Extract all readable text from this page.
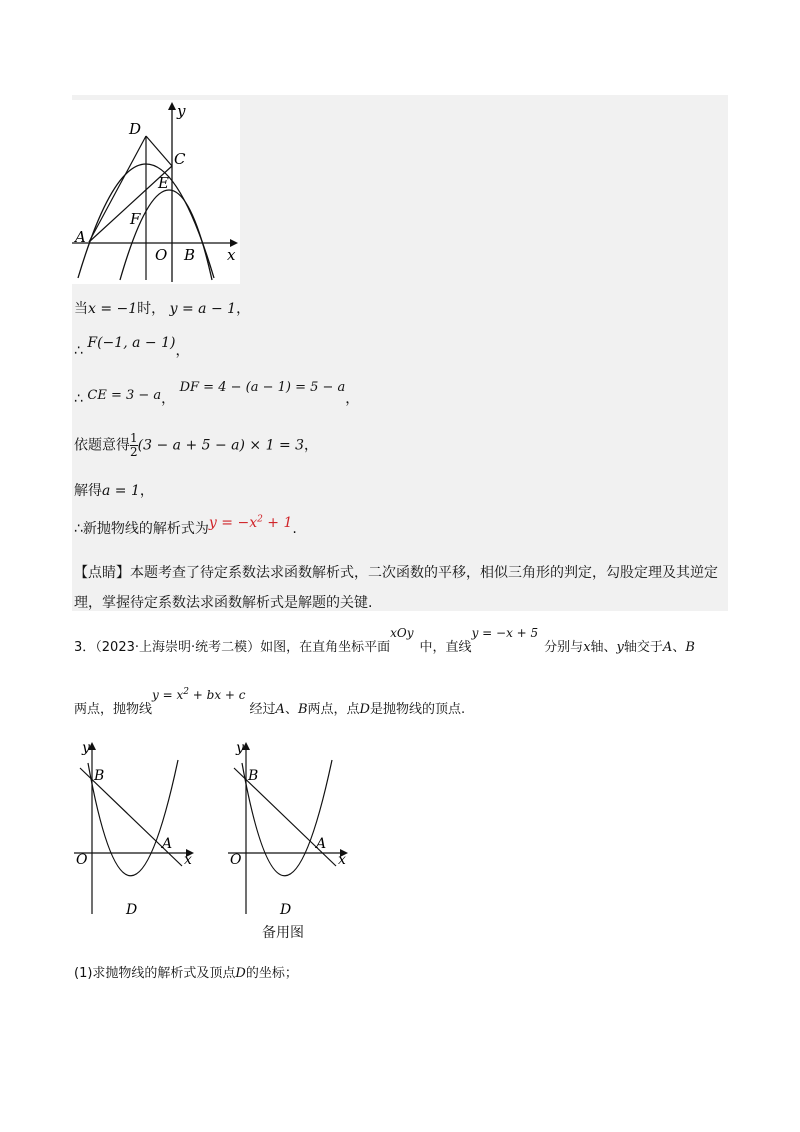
D
C
E
F
A
O B x
y
当x = −1时， y = a − 1，
∴ F(−1, a − 1)，
∴ CE = 3 − a， DF = 4 − (a − 1) = 5 − a，
依题意得 $\frac{1}{2} (3 - a + 5 - a) \times 1 = 3$，
解得a = 1，
∴新抛物线的解析式为$y = -x^2 + 1$.
【点睛】本题考查了待定系数法求函数解析式，二次函数的平移，相似三角形的判定，勾股定理及其逆定
理，掌握待定系数法求函数解析式是解题的关键.
3．（2023·上海崇明·统考二模）如图，在直角坐标平面xOy中，直线y = −x + 5分别与x轴、y轴交于A、B
两点，抛物线$y = x^2$ + bx + c经过A、B两点，点D是抛物线的顶点.
y
B
A
O	x
D
y
B
A
O	x
D
备用图
(1)求抛物线的解析式及顶点D的坐标；
